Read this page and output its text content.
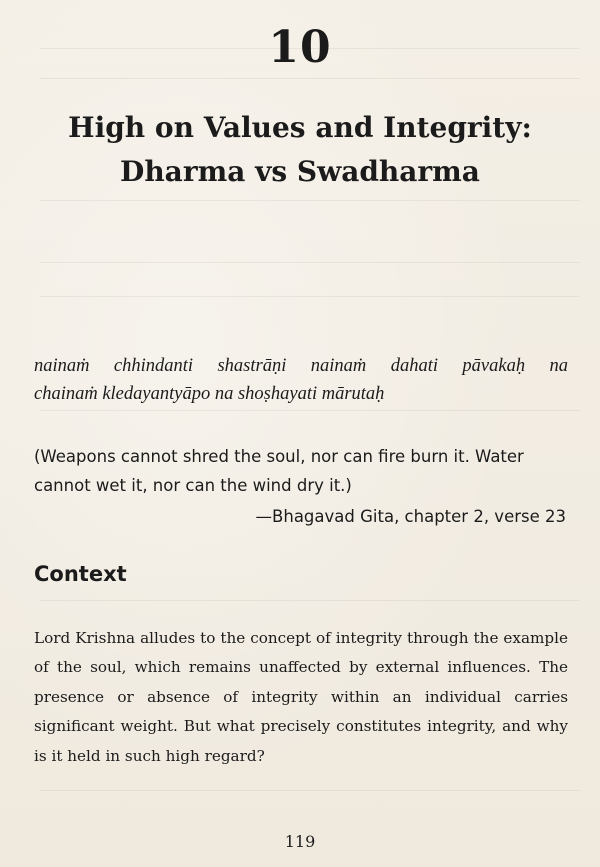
10
High on Values and Integrity:
Dharma vs Swadharma
nainaṁ chhindanti shastrāṇi nainaṁ dahati pāvakaḥ na
chainaṁ kledayantyāpo na shoṣhayati mārutaḥ
(Weapons cannot shred the soul, nor can fire burn it. Water cannot wet it, nor can the wind dry it.)
—Bhagavad Gita, chapter 2, verse 23
Context
Lord Krishna alludes to the concept of integrity through the example of the soul, which remains unaffected by external influences. The presence or absence of integrity within an individual carries significant weight. But what precisely constitutes integrity, and why is it held in such high regard?
119
